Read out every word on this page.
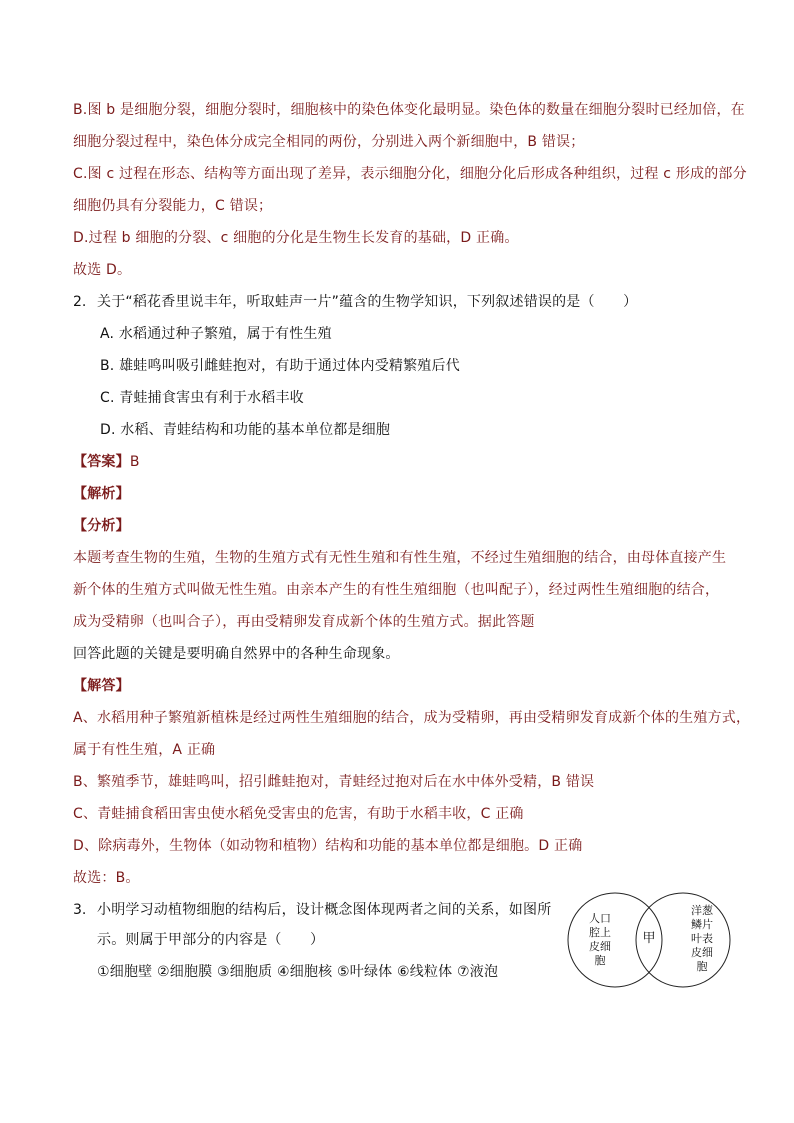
B.图 b 是细胞分裂，细胞分裂时，细胞核中的染色体变化最明显。染色体的数量在细胞分裂时已经加倍，在
细胞分裂过程中，染色体分成完全相同的两份，分别进入两个新细胞中，B 错误；
C.图 c 过程在形态、结构等方面出现了差异，表示细胞分化，细胞分化后形成各种组织，过程 c 形成的部分
细胞仍具有分裂能力，C 错误；
D.过程 b 细胞的分裂、c 细胞的分化是生物生长发育的基础，D 正确。
故选 D。
2. 关于“稻花香里说丰年，听取蛙声一片”蕴含的生物学知识，下列叙述错误的是（　　）
A. 水稻通过种子繁殖，属于有性生殖
B. 雄蛙鸣叫吸引雌蛙抱对，有助于通过体内受精繁殖后代
C. 青蛙捕食害虫有利于水稻丰收
D. 水稻、青蛙结构和功能的基本单位都是细胞
【答案】B
【解析】
【分析】
本题考查生物的生殖，生物的生殖方式有无性生殖和有性生殖，不经过生殖细胞的结合，由母体直接产生
新个体的生殖方式叫做无性生殖。由亲本产生的有性生殖细胞（也叫配子），经过两性生殖细胞的结合，
成为受精卵（也叫合子），再由受精卵发育成新个体的生殖方式。据此答题
回答此题的关键是要明确自然界中的各种生命现象。
【解答】
A、水稻用种子繁殖新植株是经过两性生殖细胞的结合，成为受精卵，再由受精卵发育成新个体的生殖方式，
属于有性生殖，A 正确
B、繁殖季节，雄蛙鸣叫，招引雌蛙抱对，青蛙经过抱对后在水中体外受精，B 错误
C、青蛙捕食稻田害虫使水稻免受害虫的危害，有助于水稻丰收，C 正确
D、除病毒外，生物体（如动物和植物）结构和功能的基本单位都是细胞。D 正确
故选：B。
3. 小明学习动植物细胞的结构后，设计概念图体现两者之间的关系，如图所
示。则属于甲部分的内容是（　　）
①细胞壁 ②细胞膜 ③细胞质 ④细胞核 ⑤叶绿体 ⑥线粒体 ⑦液泡
人口
腔上
皮细
胞
甲
洋葱
鳞片
叶表
皮细
胞
